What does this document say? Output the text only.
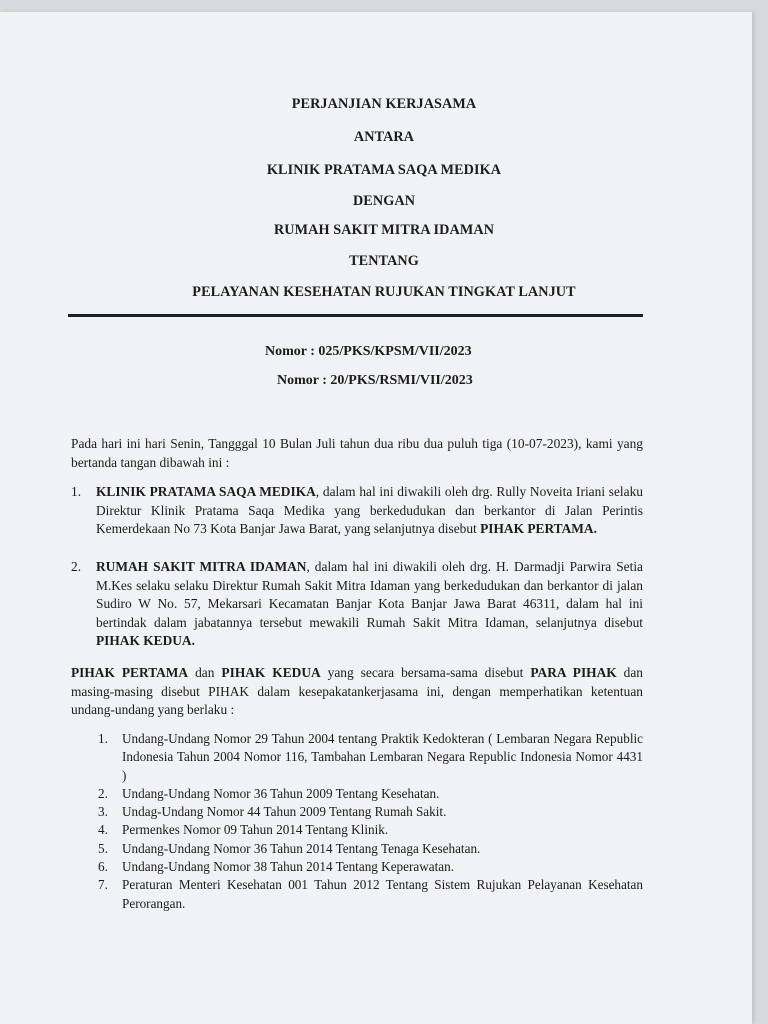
PERJANJIAN KERJASAMA
ANTARA
KLINIK PRATAMA SAQA MEDIKA
DENGAN
RUMAH SAKIT MITRA IDAMAN
TENTANG
PELAYANAN KESEHATAN RUJUKAN TINGKAT LANJUT
Nomor : 025/PKS/KPSM/VII/2023
Nomor : 20/PKS/RSMI/VII/2023
Pada hari ini hari Senin, Tangggal 10 Bulan Juli tahun dua ribu dua puluh tiga (10-07-2023), kami yang bertanda tangan dibawah ini :
1. KLINIK PRATAMA SAQA MEDIKA, dalam hal ini diwakili oleh drg. Rully Noveita Iriani selaku Direktur Klinik Pratama Saqa Medika yang berkedudukan dan berkantor di Jalan Perintis Kemerdekaan No 73 Kota Banjar Jawa Barat, yang selanjutnya disebut PIHAK PERTAMA.
2. RUMAH SAKIT MITRA IDAMAN, dalam hal ini diwakili oleh drg. H. Darmadji Parwira Setia M.Kes selaku selaku Direktur Rumah Sakit Mitra Idaman yang berkedudukan dan berkantor di jalan Sudiro W No. 57, Mekarsari Kecamatan Banjar Kota Banjar Jawa Barat 46311, dalam hal ini bertindak dalam jabatannya tersebut mewakili Rumah Sakit Mitra Idaman, selanjutnya disebut PIHAK KEDUA.
PIHAK PERTAMA dan PIHAK KEDUA yang secara bersama-sama disebut PARA PIHAK dan masing-masing disebut PIHAK dalam kesepakatankerjasama ini, dengan memperhatikan ketentuan undang-undang yang berlaku :
1. Undang-Undang Nomor 29 Tahun 2004 tentang Praktik Kedokteran ( Lembaran Negara Republic Indonesia Tahun 2004 Nomor 116, Tambahan Lembaran Negara Republic Indonesia Nomor 4431 )
2. Undang-Undang Nomor 36 Tahun 2009 Tentang Kesehatan.
3. Undag-Undang Nomor 44 Tahun 2009 Tentang Rumah Sakit.
4. Permenkes Nomor 09 Tahun 2014 Tentang Klinik.
5. Undang-Undang Nomor 36 Tahun 2014 Tentang Tenaga Kesehatan.
6. Undang-Undang Nomor 38 Tahun 2014 Tentang Keperawatan.
7. Peraturan Menteri Kesehatan 001 Tahun 2012 Tentang Sistem Rujukan Pelayanan Kesehatan Perorangan.
